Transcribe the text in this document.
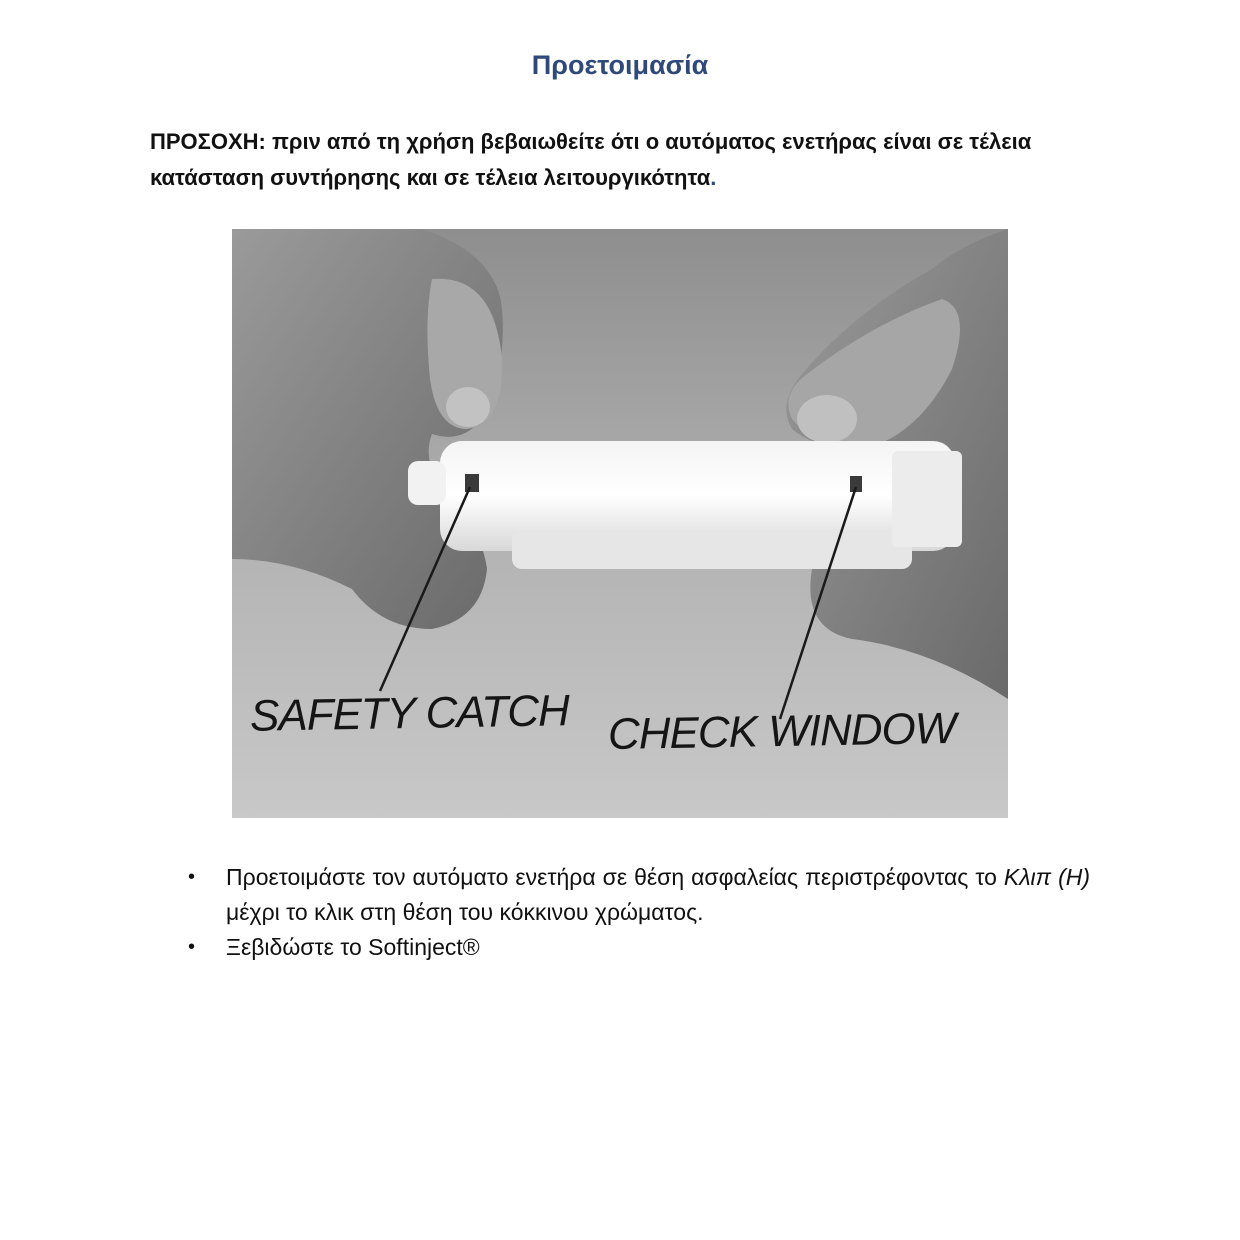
Προετοιμασία
ΠΡΟΣΟΧΗ: πριν από τη χρήση βεβαιωθείτε ότι ο αυτόματος ενετήρας είναι σε τέλεια κατάσταση συντήρησης και σε τέλεια λειτουργικότητα.
SAFETY CATCH CHECK WINDOW
• Προετοιμάστε τον αυτόματο ενετήρα σε θέση ασφαλείας περιστρέφοντας το Κλιπ (H) μέχρι το κλικ στη θέση του κόκκινου χρώματος.
• Ξεβιδώστε το Softinject®
